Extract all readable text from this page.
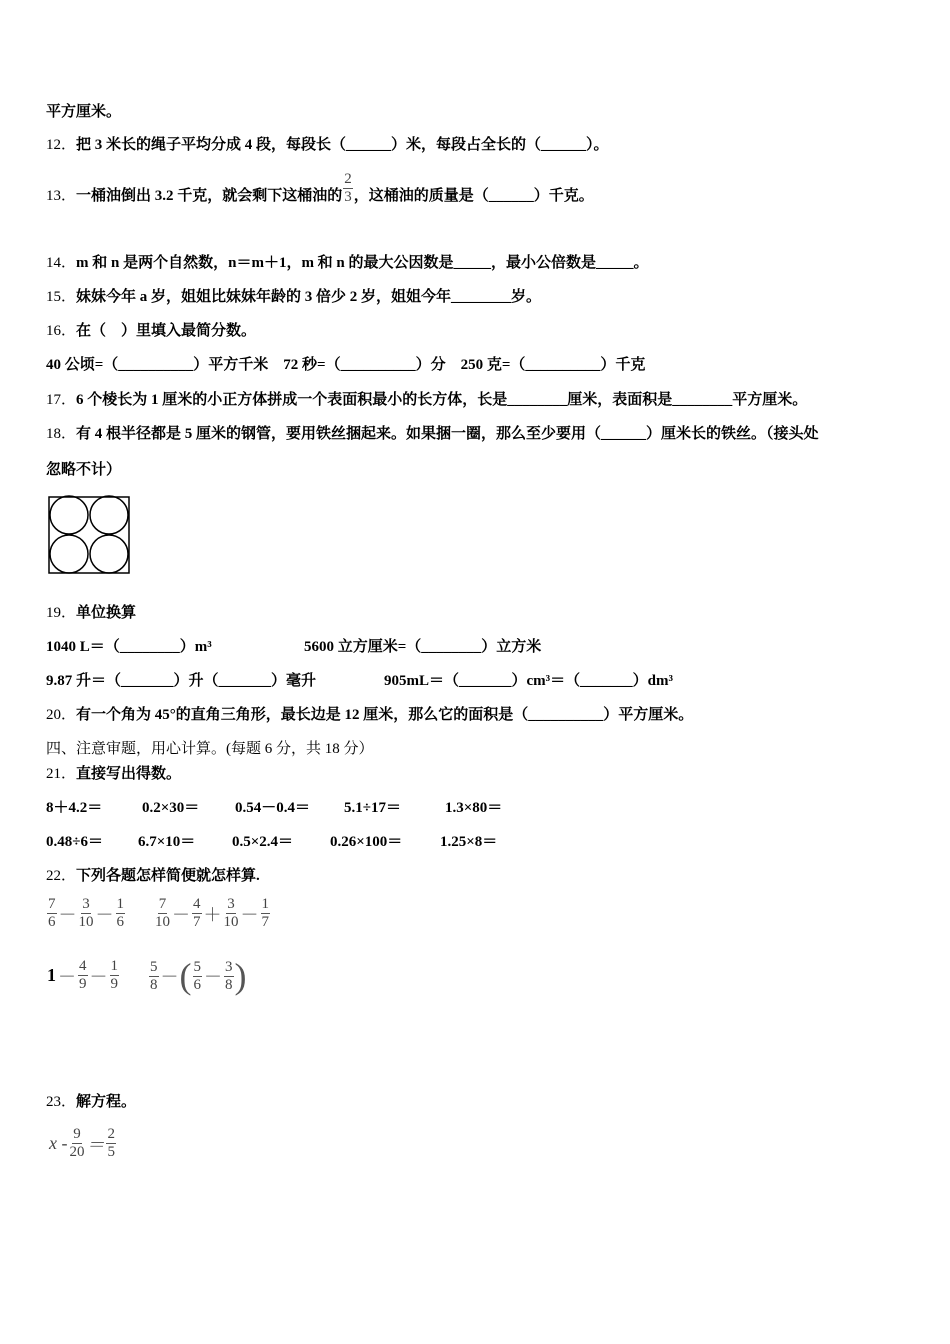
平方厘米。
12．把 3 米长的绳子平均分成 4 段，每段长（______）米，每段占全长的（______）。
13．一桶油倒出 3.2 千克，就会剩下这桶油的 $\frac{2}{3}$ ，这桶油的质量是（______）千克。
14．m 和 n 是两个自然数，n＝m＋1，m 和 n 的最大公因数是_____，最小公倍数是_____。
15．妹妹今年 a 岁，姐姐比妹妹年龄的 3 倍少 2 岁，姐姐今年________岁。
16．在（    ）里填入最简分数。
40 公顷=（__________）平方千米    72 秒=（__________）分    250 克=（__________）千克
17．6 个棱长为 1 厘米的小正方体拼成一个表面积最小的长方体，长是________厘米，表面积是________平方厘米。
18．有 4 根半径都是 5 厘米的钢管，要用铁丝捆起来。如果捆一圈，那么至少要用（______）厘米长的铁丝。（接头处
忽略不计）
19．单位换算
1040 L＝（________）m³	5600 立方厘米=（________）立方米
9.87 升＝（_______）升（_______）毫升	905mL＝（_______）cm³＝（_______）dm³
20．有一个角为 45°的直角三角形，最长边是 12 厘米，那么它的面积是（__________）平方厘米。
四、注意审题，用心计算。(每题 6 分，共 18 分）
21．直接写出得数。
8＋4.2＝	0.2×30＝ 0.54－0.4＝ 5.1÷17＝	1.3×80＝
0.48÷6＝ 6.7×10＝ 0.5×2.4＝ 0.26×100＝	1.25×8＝
22．下列各题怎样简便就怎样算.
$\frac{7}{6} - \frac{3}{10} - \frac{1}{6} \frac{7}{10} - \frac{4}{7} + \frac{3}{10} - \frac{1}{7}$
$1 - \frac{4}{9} - \frac{1}{9} \frac{5}{8}$ － ( $\frac{5}{6} - \frac{3}{8}$ )
23．解方程。
$x - \frac{9}{20} = \frac{2}{5}$
